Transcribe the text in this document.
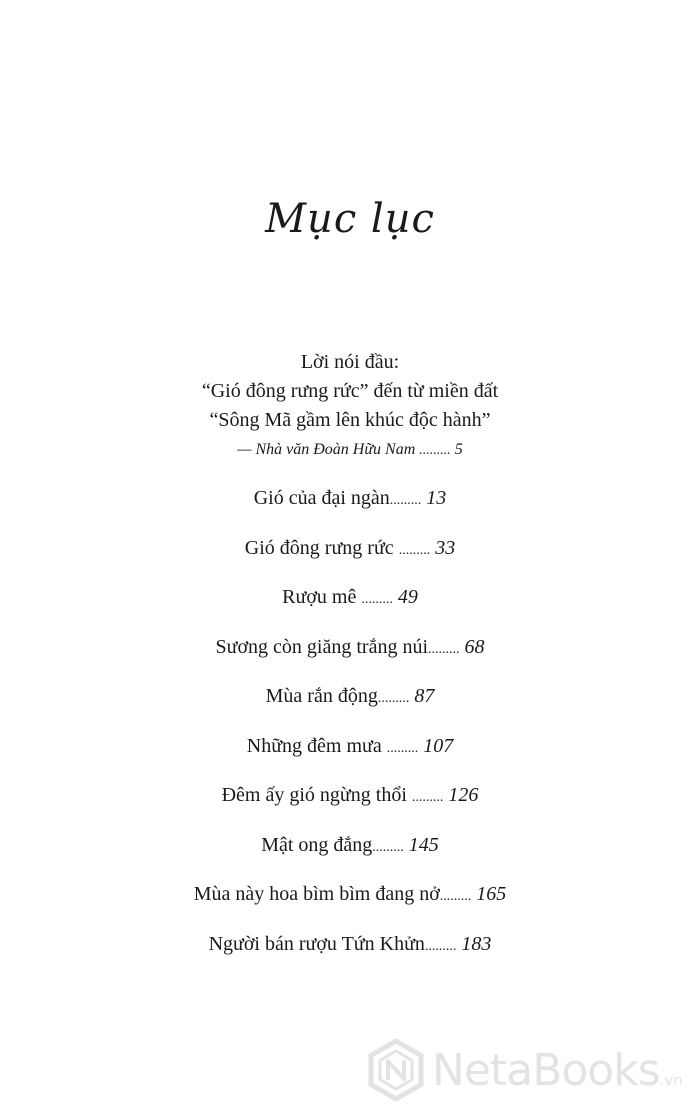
Mục lục
Lời nói đầu:
“Gió đông rưng rức” đến từ miền đất
“Sông Mã gầm lên khúc độc hành”
— Nhà văn Đoàn Hữu Nam ......... 5
Gió của đại ngàn......... 13
Gió đông rưng rức ......... 33
Rượu mê ......... 49
Sương còn giăng trắng núi......... 68
Mùa rắn động......... 87
Những đêm mưa ......... 107
Đêm ấy gió ngừng thổi ......... 126
Mật ong đắng......... 145
Mùa này hoa bìm bìm đang nở......... 165
Người bán rượu Tứn Khửn......... 183
NetaBooks.vn
